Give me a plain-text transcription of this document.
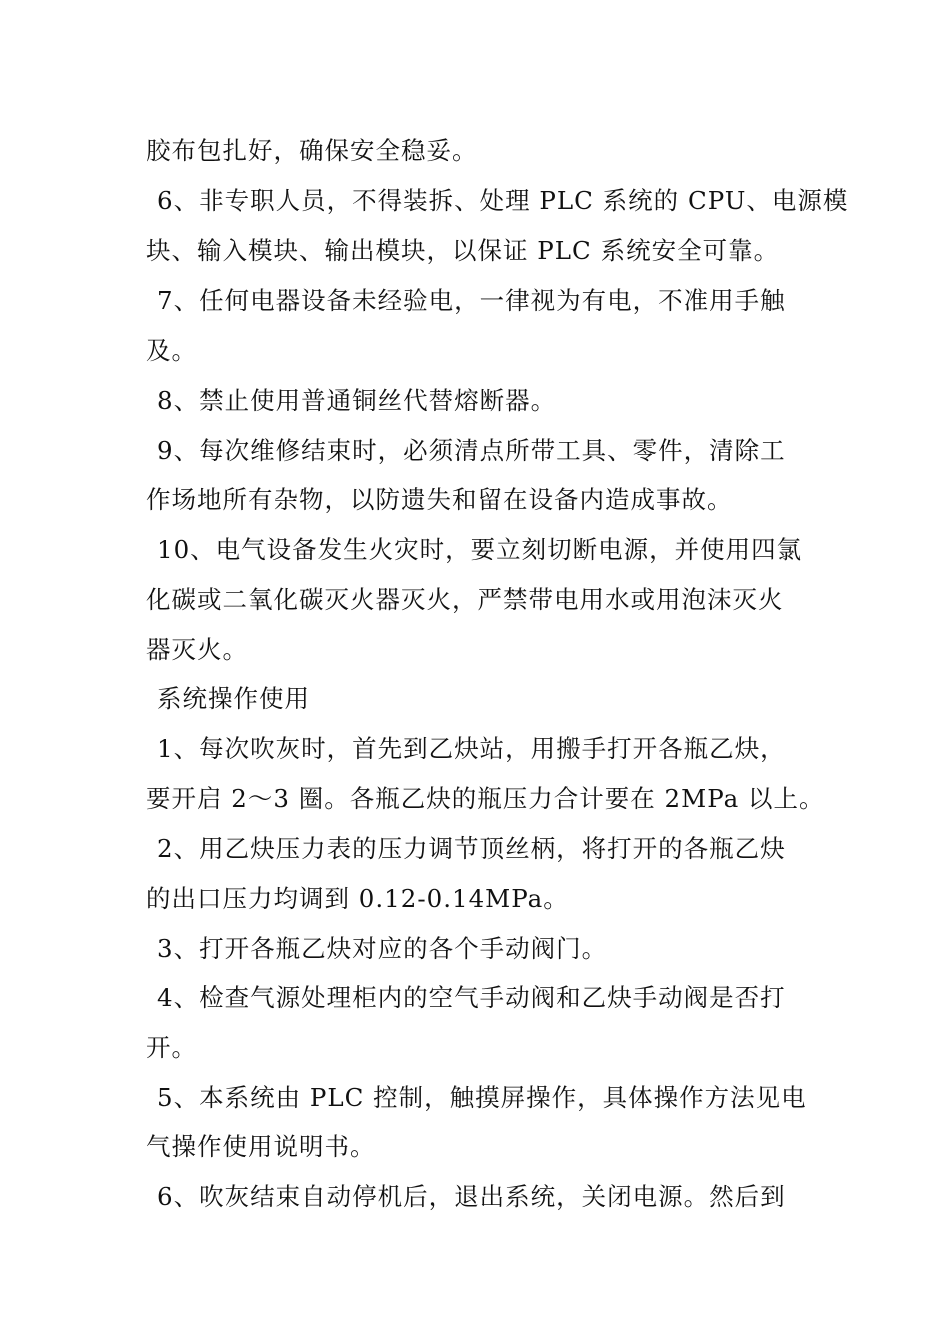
胶布包扎好，确保安全稳妥。
6、非专职人员，不得装拆、处理 PLC 系统的 CPU、电源模
块、输入模块、输出模块，以保证 PLC 系统安全可靠。
7、任何电器设备未经验电，一律视为有电，不准用手触
及。
8、禁止使用普通铜丝代替熔断器。
9、每次维修结束时，必须清点所带工具、零件，清除工
作场地所有杂物，以防遗失和留在设备内造成事故。
10、电气设备发生火灾时，要立刻切断电源，并使用四氯
化碳或二氧化碳灭火器灭火，严禁带电用水或用泡沫灭火
器灭火。
系统操作使用
1、每次吹灰时，首先到乙炔站，用搬手打开各瓶乙炔，
要开启 2～3 圈。各瓶乙炔的瓶压力合计要在 2MPa 以上。
2、用乙炔压力表的压力调节顶丝柄，将打开的各瓶乙炔
的出口压力均调到 0.12-0.14MPa。
3、打开各瓶乙炔对应的各个手动阀门。
4、检查气源处理柜内的空气手动阀和乙炔手动阀是否打
开。
5、本系统由 PLC 控制，触摸屏操作，具体操作方法见电
气操作使用说明书。
6、吹灰结束自动停机后，退出系统，关闭电源。然后到
